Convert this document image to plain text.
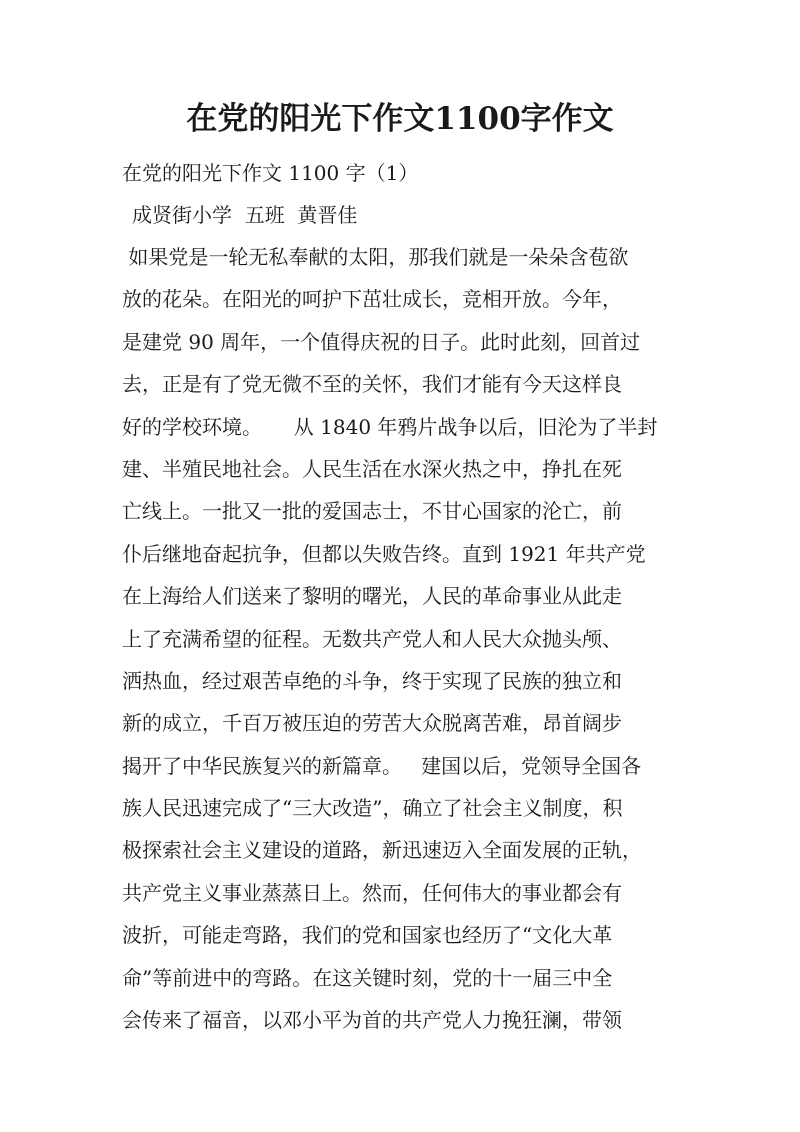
在党的阳光下作文1100字作文

在党的阳光下作文 1100 字（1）

成贤街小学  五班  黄晋佳

如果党是一轮无私奉献的太阳，那我们就是一朵朵含苞欲
放的花朵。在阳光的呵护下茁壮成长，竞相开放。今年，
是建党 90 周年，一个值得庆祝的日子。此时此刻，回首过
去，正是有了党无微不至的关怀，我们才能有今天这样良
好的学校环境。     从 1840 年鸦片战争以后，旧沦为了半封
建、半殖民地社会。人民生活在水深火热之中，挣扎在死
亡线上。一批又一批的爱国志士，不甘心国家的沦亡，前
仆后继地奋起抗争，但都以失败告终。直到 1921 年共产党
在上海给人们送来了黎明的曙光，人民的革命事业从此走
上了充满希望的征程。无数共产党人和人民大众抛头颅、
洒热血，经过艰苦卓绝的斗争，终于实现了民族的独立和
新的成立，千百万被压迫的劳苦大众脱离苦难，昂首阔步
揭开了中华民族复兴的新篇章。   建国以后，党领导全国各
族人民迅速完成了“三大改造”，确立了社会主义制度，积
极探索社会主义建设的道路，新迅速迈入全面发展的正轨，
共产党主义事业蒸蒸日上。然而，任何伟大的事业都会有
波折，可能走弯路，我们的党和国家也经历了“文化大革
命”等前进中的弯路。在这关键时刻，党的十一届三中全
会传来了福音，以邓小平为首的共产党人力挽狂澜，带领
